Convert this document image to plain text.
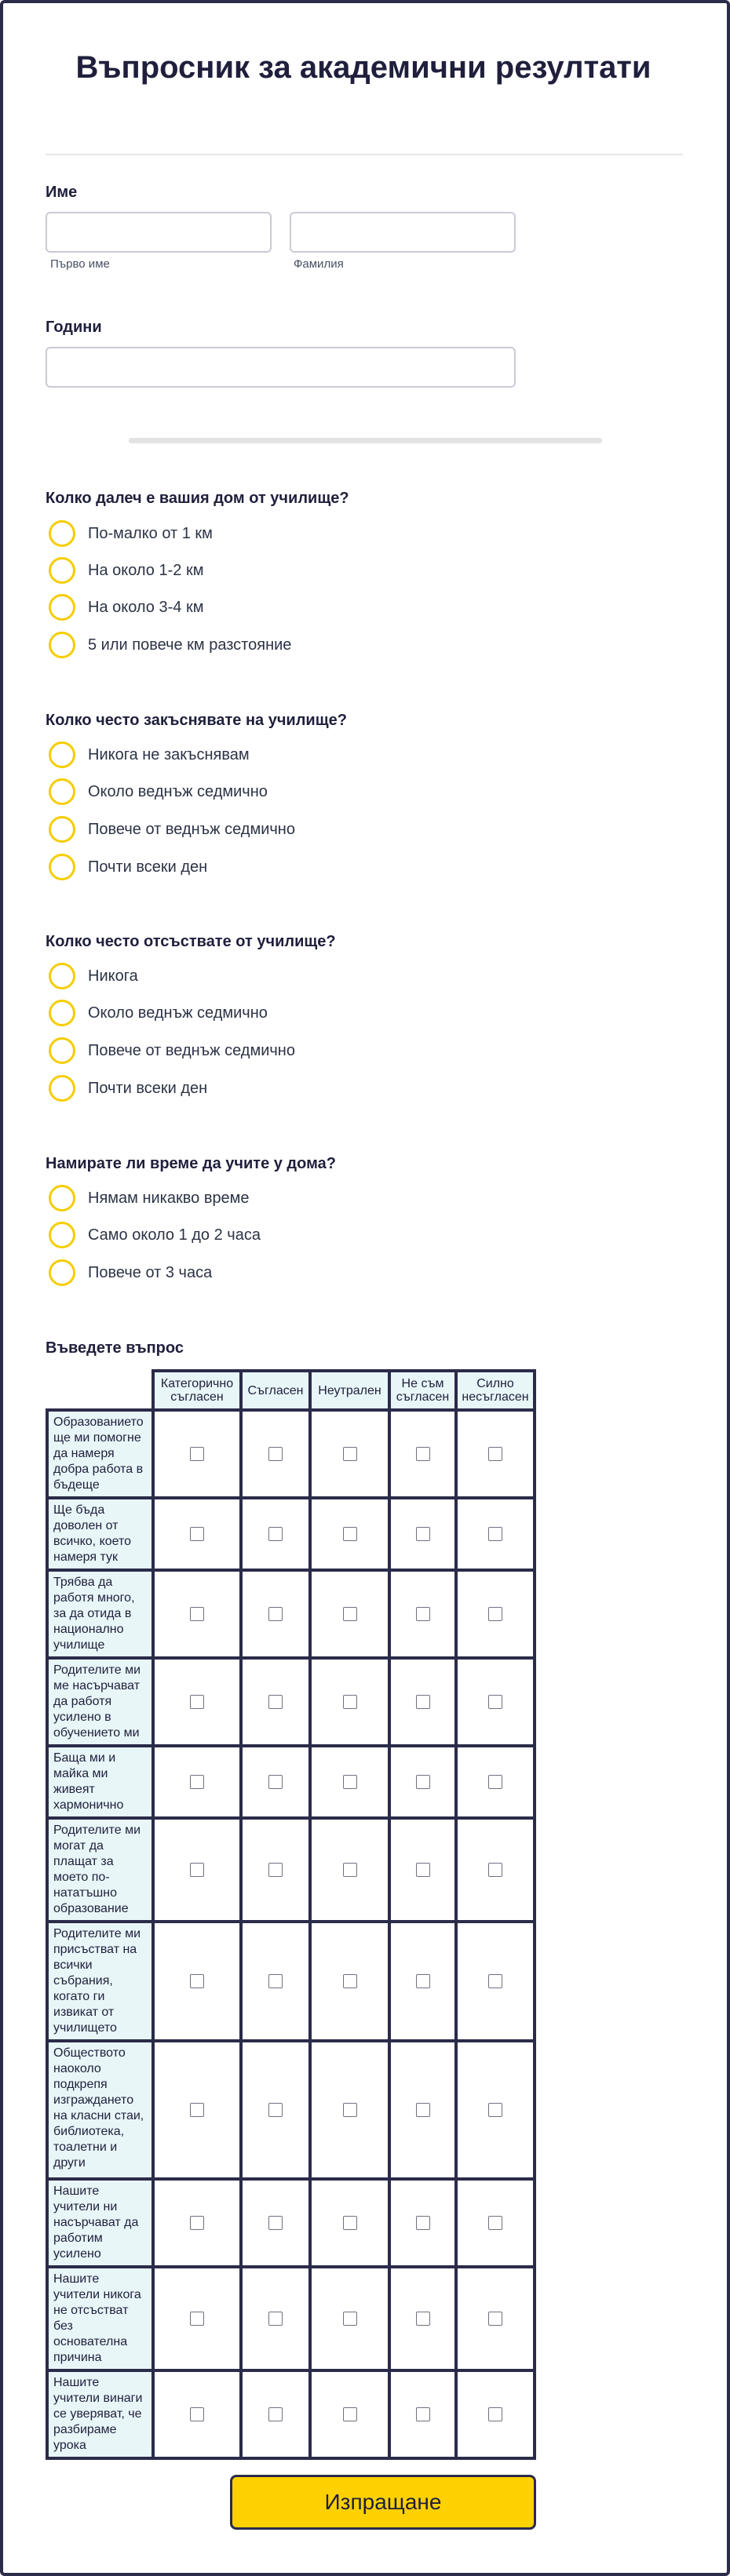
Въпросник за академични резултати
Име
Първо име	Фамилия
Години
Колко далеч е вашия дом от училище?
По-малко от 1 км
На около 1-2 км
На около 3-4 км
5 или повече км разстояние
Колко често закъснявате на училище?
Никога не закъснявам
Около веднъж седмично
Повече от веднъж седмично
Почти всеки ден
Колко често отсъствате от училище?
Никога
Около веднъж седмично
Повече от веднъж седмично
Почти всеки ден
Намирате ли време да учите у дома?
Нямам никакво време
Само около 1 до 2 часа
Повече от 3 часа
Въведете въпрос
	Категорично съгласен	Съгласен	Неутрален	Не съм съгласен	Силно несъгласен
Образованието ще ми помогне да намеря добра работа в бъдеще					
Ще бъда доволен от всичко, което намеря тук					
Трябва да работя много, за да отида в национално училище					
Родителите ми ме насърчават да работя усилено в обучението ми					
Баща ми и майка ми живеят хармонично					
Родителите ми могат да плащат за моето по-нататъшно образование					
Родителите ми присъстват на всички събрания, когато ги извикат от училището					
Обществото наоколо подкрепя изграждането на класни стаи, библиотека, тоалетни и други					
Нашите учители ни насърчават да работим усилено					
Нашите учители никога не отсъстват без основателна причина					
Нашите учители винаги се уверяват, че разбираме урока					
Изпращане
